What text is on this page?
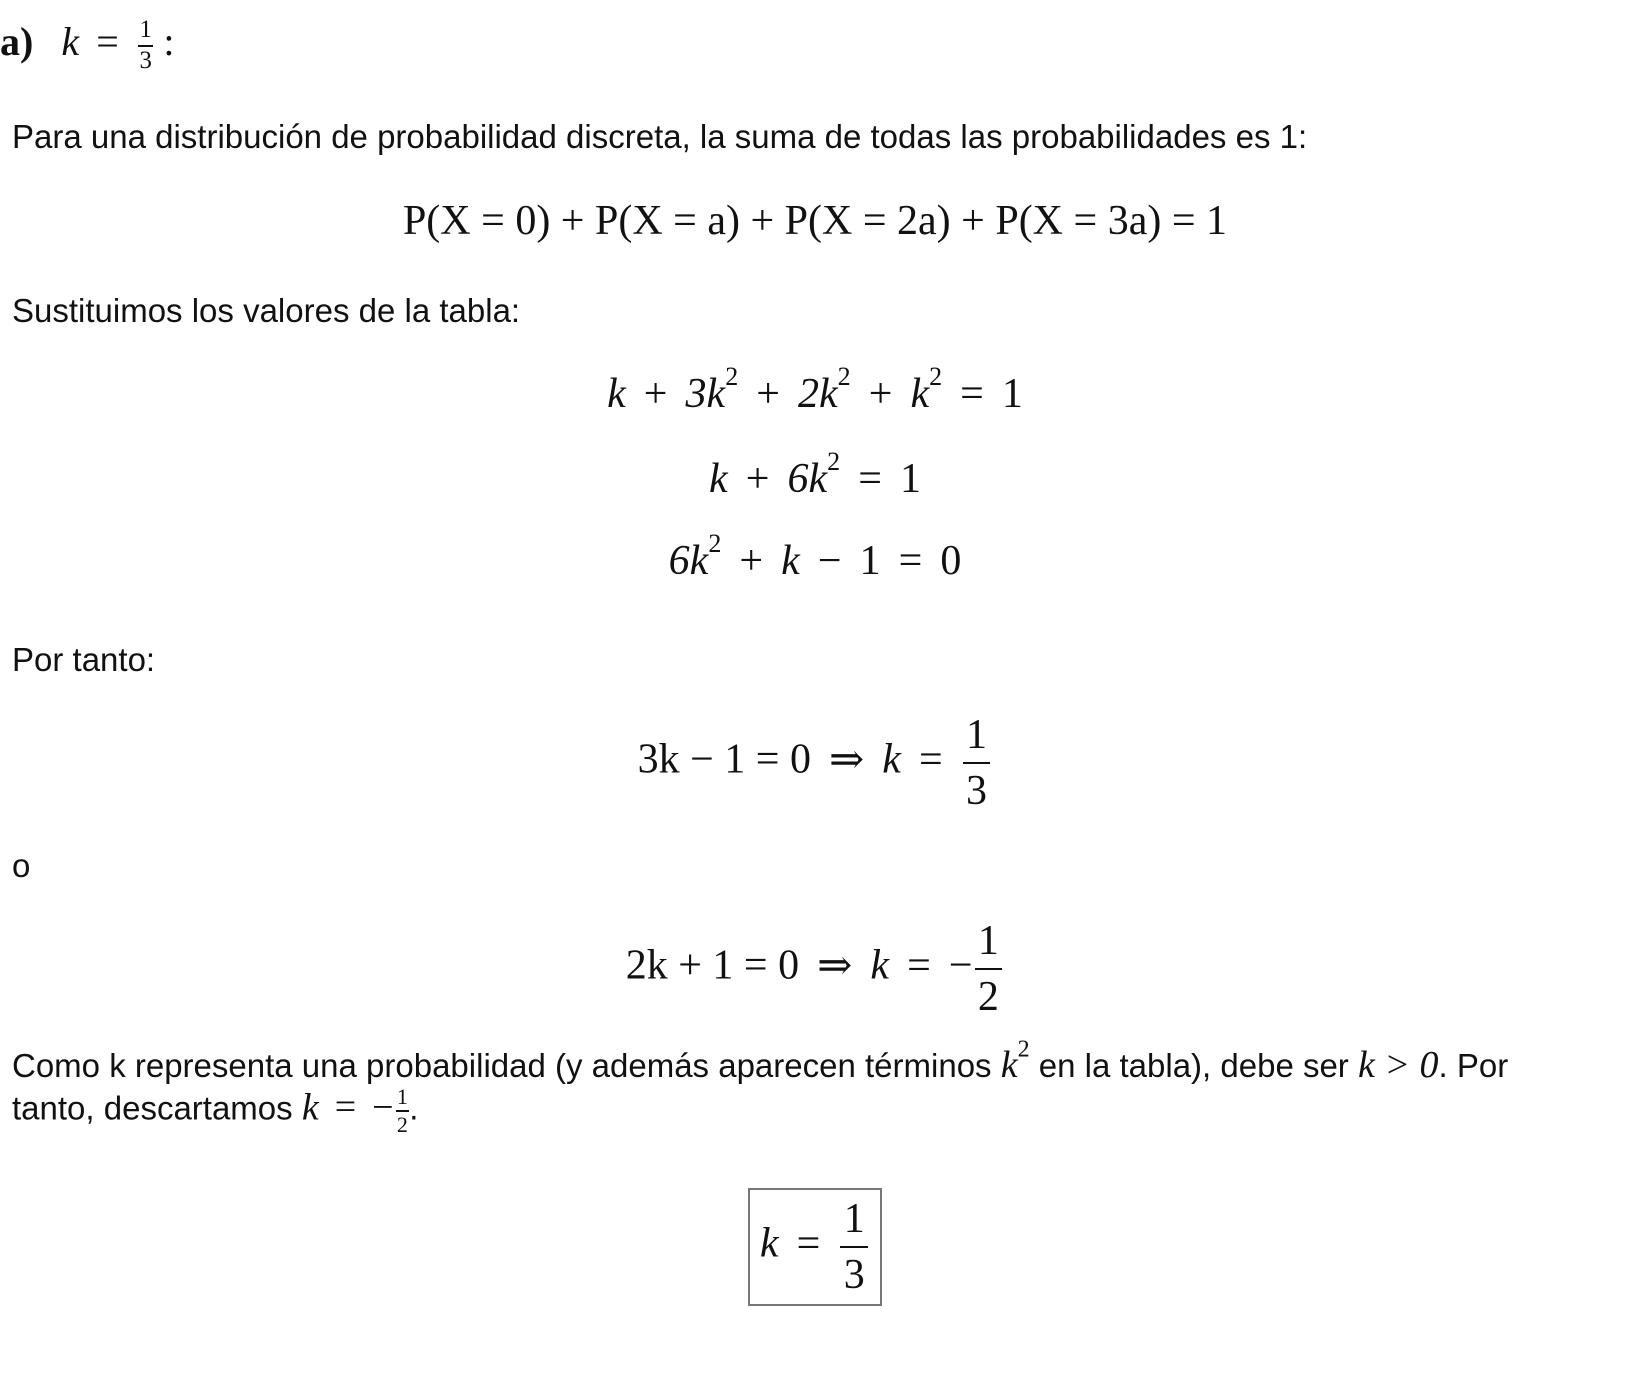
a) $k = \frac{1}{3}$ :
Para una distribución de probabilidad discreta, la suma de todas las probabilidades es 1:
P(X = 0) + P(X = a) + P(X = 2a) + P(X = 3a) = 1
Sustituimos los valores de la tabla:
$k + 3k^2 + 2k^2 + k^2 = 1$
$k + 6k^2 = 1$
$6k^2 + k - 1 = 0$
Por tanto:
3k − 1 = 0 ⇒ $k = \frac{1}{3}$
o
2k + 1 = 0 ⇒ k = − $\frac{1}{2}$
Como k representa una probabilidad (y además aparecen términos $k^2$ en la tabla), debe ser k > 0. Por
tanto, descartamos k = − $\frac{1}{2}$ .
$k = \frac{1}{3}$
